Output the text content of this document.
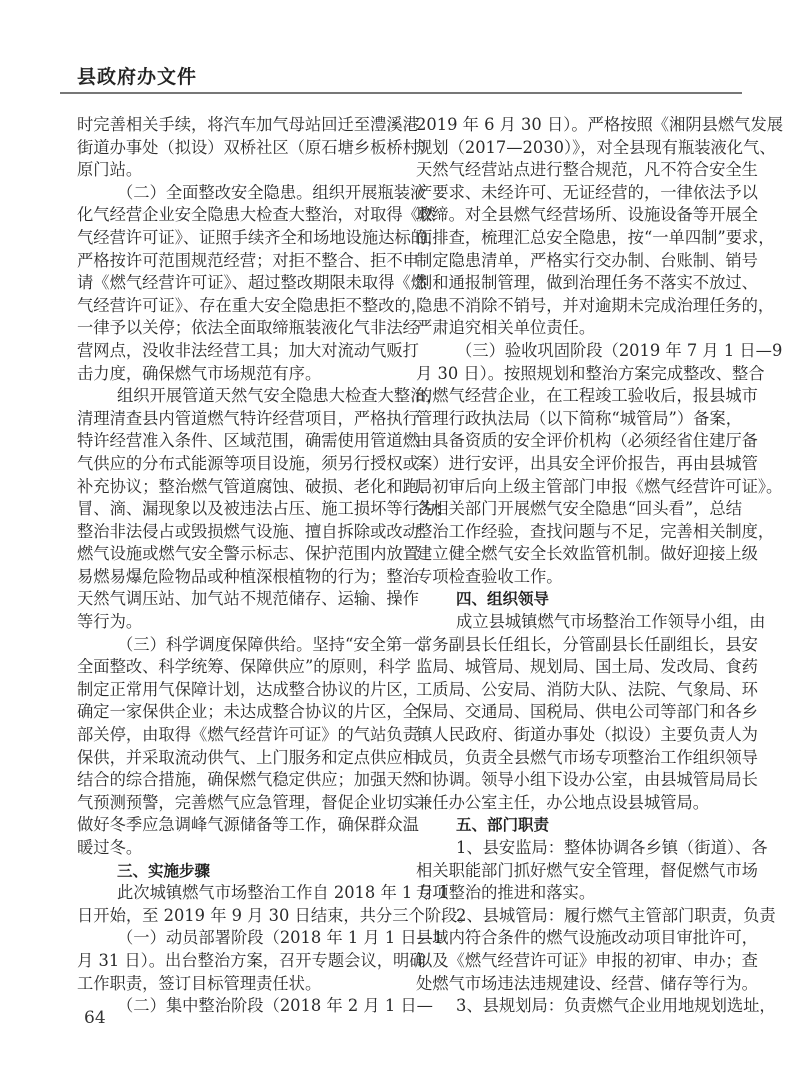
县政府办文件
时完善相关手续，将汽车加气母站回迁至澧溪港
街道办事处（拟设）双桥社区（原石塘乡板桥村）
原门站。
（二）全面整改安全隐患。组织开展瓶装液
化气经营企业安全隐患大检查大整治，对取得《燃
气经营许可证》、证照手续齐全和场地设施达标的，
严格按许可范围规范经营；对拒不整合、拒不申
请《燃气经营许可证》、超过整改期限未取得《燃
气经营许可证》、存在重大安全隐患拒不整改的，
一律予以关停；依法全面取缔瓶装液化气非法经
营网点，没收非法经营工具；加大对流动气贩打
击力度，确保燃气市场规范有序。
组织开展管道天然气安全隐患大检查大整治，
清理清查县内管道燃气特许经营项目，严格执行
特许经营准入条件、区域范围，确需使用管道燃
气供应的分布式能源等项目设施，须另行授权或
补充协议；整治燃气管道腐蚀、破损、老化和跑、
冒、滴、漏现象以及被违法占压、施工损坏等行为；
整治非法侵占或毁损燃气设施、擅自拆除或改动
燃气设施或燃气安全警示标志、保护范围内放置
易燃易爆危险物品或种植深根植物的行为；整治
天然气调压站、加气站不规范储存、运输、操作
等行为。
（三）科学调度保障供给。坚持“安全第一、
全面整改、科学统筹、保障供应”的原则，科学
制定正常用气保障计划，达成整合协议的片区，
确定一家保供企业；未达成整合协议的片区，全
部关停，由取得《燃气经营许可证》的气站负责
保供，并采取流动供气、上门服务和定点供应相
结合的综合措施，确保燃气稳定供应；加强天然
气预测预警，完善燃气应急管理，督促企业切实
做好冬季应急调峰气源储备等工作，确保群众温
暖过冬。
三、实施步骤
此次城镇燃气市场整治工作自 2018 年 1 月 1
日开始，至 2019 年 9 月 30 日结束，共分三个阶段。
（一）动员部署阶段（2018 年 1 月 1 日—1
月 31 日）。出台整治方案，召开专题会议，明确
工作职责，签订目标管理责任状。
（二）集中整治阶段（2018 年 2 月 1 日—
2019 年 6 月 30 日）。严格按照《湘阴县燃气发展
规划（2017—2030）》，对全县现有瓶装液化气、
天然气经营站点进行整合规范，凡不符合安全生
产要求、未经许可、无证经营的，一律依法予以
取缔。对全县燃气经营场所、设施设备等开展全
面排查，梳理汇总安全隐患，按“一单四制”要求，
制定隐患清单，严格实行交办制、台账制、销号
制和通报制管理，做到治理任务不落实不放过、
隐患不消除不销号，并对逾期未完成治理任务的，
严肃追究相关单位责任。
（三）验收巩固阶段（2019 年 7 月 1 日—9
月 30 日）。按照规划和整治方案完成整改、整合
的燃气经营企业，在工程竣工验收后，报县城市
管理行政执法局（以下简称“城管局”）备案，
由具备资质的安全评价机构（必须经省住建厅备
案）进行安评，出具安全评价报告，再由县城管
局初审后向上级主管部门申报《燃气经营许可证》。
各相关部门开展燃气安全隐患“回头看”，总结
整治工作经验，查找问题与不足，完善相关制度，
建立健全燃气安全长效监管机制。做好迎接上级
专项检查验收工作。
四、组织领导
成立县城镇燃气市场整治工作领导小组，由
常务副县长任组长，分管副县长任副组长，县安
监局、城管局、规划局、国土局、发改局、食药
工质局、公安局、消防大队、法院、气象局、环
保局、交通局、国税局、供电公司等部门和各乡
镇人民政府、街道办事处（拟设）主要负责人为
成员，负责全县燃气市场专项整治工作组织领导
和协调。领导小组下设办公室，由县城管局局长
兼任办公室主任，办公地点设县城管局。
五、部门职责
1、县安监局：整体协调各乡镇（街道）、各
相关职能部门抓好燃气安全管理，督促燃气市场
专项整治的推进和落实。
2、县城管局：履行燃气主管部门职责，负责
县域内符合条件的燃气设施改动项目审批许可，
以及《燃气经营许可证》申报的初审、申办；查
处燃气市场违法违规建设、经营、储存等行为。
3、县规划局：负责燃气企业用地规划选址，
64
